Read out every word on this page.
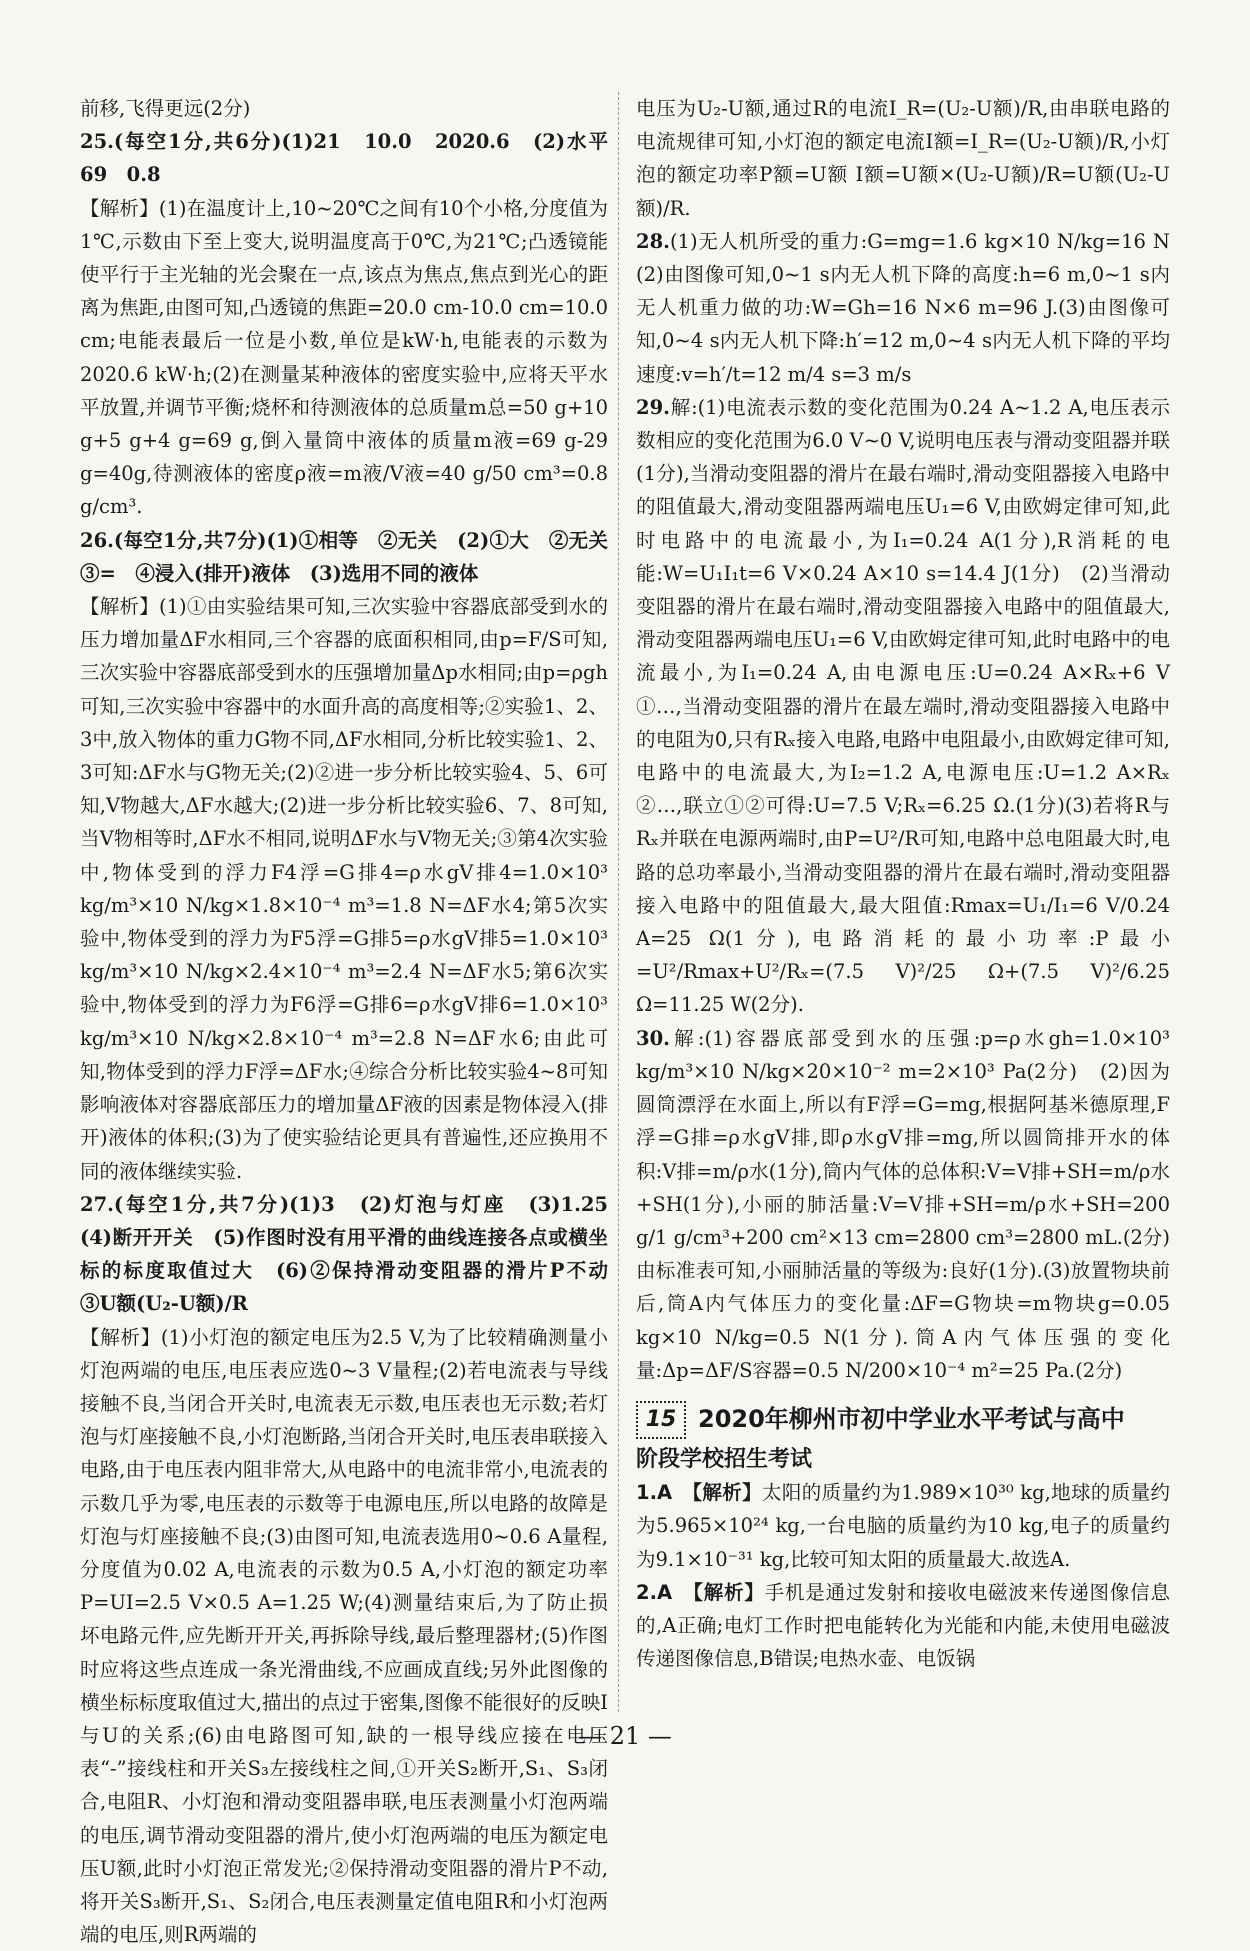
前移,飞得更远(2分)

25.(每空1分,共6分)(1)21　10.0　2020.6　(2)水平　69　0.8

【解析】(1)在温度计上,10~20℃之间有10个小格,分度值为1℃,示数由下至上变大,说明温度高于0℃,为21℃;凸透镜能使平行于主光轴的光会聚在一点,该点为焦点,焦点到光心的距离为焦距,由图可知,凸透镜的焦距=20.0 cm-10.0 cm=10.0 cm;电能表最后一位是小数,单位是kW·h,电能表的示数为2020.6 kW·h;(2)在测量某种液体的密度实验中,应将天平水平放置,并调节平衡;烧杯和待测液体的总质量m总=50 g+10 g+5 g+4 g=69 g,倒入量筒中液体的质量m液=69 g-29 g=40g,待测液体的密度ρ液=m液/V液=40 g/50 cm³=0.8 g/cm³.

26.(每空1分,共7分)(1)①相等　②无关　(2)①大　②无关　③=　④浸入(排开)液体　(3)选用不同的液体

【解析】(1)①由实验结果可知,三次实验中容器底部受到水的压力增加量ΔF水相同,三个容器的底面积相同,由p=F/S可知,三次实验中容器底部受到水的压强增加量Δp水相同;由p=ρgh可知,三次实验中容器中的水面升高的高度相等;②实验1、2、3中,放入物体的重力G物不同,ΔF水相同,分析比较实验1、2、3可知:ΔF水与G物无关;(2)②进一步分析比较实验4、5、6可知,V物越大,ΔF水越大;(2)进一步分析比较实验6、7、8可知,当V物相等时,ΔF水不相同,说明ΔF水与V物无关;③第4次实验中,物体受到的浮力F4浮=G排4=ρ水gV排4=1.0×10³ kg/m³×10 N/kg×1.8×10⁻⁴ m³=1.8 N=ΔF水4;第5次实验中,物体受到的浮力为F5浮=G排5=ρ水gV排5=1.0×10³ kg/m³×10 N/kg×2.4×10⁻⁴ m³=2.4 N=ΔF水5;第6次实验中,物体受到的浮力为F6浮=G排6=ρ水gV排6=1.0×10³ kg/m³×10 N/kg×2.8×10⁻⁴ m³=2.8 N=ΔF水6;由此可知,物体受到的浮力F浮=ΔF水;④综合分析比较实验4~8可知影响液体对容器底部压力的增加量ΔF液的因素是物体浸入(排开)液体的体积;(3)为了使实验结论更具有普遍性,还应换用不同的液体继续实验.

27.(每空1分,共7分)(1)3　(2)灯泡与灯座　(3)1.25　(4)断开开关　(5)作图时没有用平滑的曲线连接各点或横坐标的标度取值过大　(6)②保持滑动变阻器的滑片P不动　③U额(U₂-U额)/R

【解析】(1)小灯泡的额定电压为2.5 V,为了比较精确测量小灯泡两端的电压,电压表应选0~3 V量程;(2)若电流表与导线接触不良,当闭合开关时,电流表无示数,电压表也无示数;若灯泡与灯座接触不良,小灯泡断路,当闭合开关时,电压表串联接入电路,由于电压表内阻非常大,从电路中的电流非常小,电流表的示数几乎为零,电压表的示数等于电源电压,所以电路的故障是灯泡与灯座接触不良;(3)由图可知,电流表选用0~0.6 A量程,分度值为0.02 A,电流表的示数为0.5 A,小灯泡的额定功率P=UI=2.5 V×0.5 A=1.25 W;(4)测量结束后,为了防止损坏电路元件,应先断开开关,再拆除导线,最后整理器材;(5)作图时应将这些点连成一条光滑曲线,不应画成直线;另外此图像的横坐标标度取值过大,描出的点过于密集,图像不能很好的反映I与U的关系;(6)由电路图可知,缺的一根导线应接在电压表“-”接线柱和开关S₃左接线柱之间,①开关S₂断开,S₁、S₃闭合,电阻R、小灯泡和滑动变阻器串联,电压表测量小灯泡两端的电压,调节滑动变阻器的滑片,使小灯泡两端的电压为额定电压U额,此时小灯泡正常发光;②保持滑动变阻器的滑片P不动,将开关S₃断开,S₁、S₂闭合,电压表测量定值电阻R和小灯泡两端的电压,则R两端的

电压为U₂-U额,通过R的电流I_R=(U₂-U额)/R,由串联电路的电流规律可知,小灯泡的额定电流I额=I_R=(U₂-U额)/R,小灯泡的额定功率P额=U额 I额=U额×(U₂-U额)/R=U额(U₂-U额)/R.

28.(1)无人机所受的重力:G=mg=1.6 kg×10 N/kg=16 N　(2)由图像可知,0~1 s内无人机下降的高度:h=6 m,0~1 s内无人机重力做的功:W=Gh=16 N×6 m=96 J.(3)由图像可知,0~4 s内无人机下降:h′=12 m,0~4 s内无人机下降的平均速度:v=h′/t=12 m/4 s=3 m/s

29.解:(1)电流表示数的变化范围为0.24 A~1.2 A,电压表示数相应的变化范围为6.0 V~0 V,说明电压表与滑动变阻器并联(1分),当滑动变阻器的滑片在最右端时,滑动变阻器接入电路中的阻值最大,滑动变阻器两端电压U₁=6 V,由欧姆定律可知,此时电路中的电流最小,为I₁=0.24 A(1分),R消耗的电能:W=U₁I₁t=6 V×0.24 A×10 s=14.4 J(1分)　(2)当滑动变阻器的滑片在最右端时,滑动变阻器接入电路中的阻值最大,滑动变阻器两端电压U₁=6 V,由欧姆定律可知,此时电路中的电流最小,为I₁=0.24 A,由电源电压:U=0.24 A×Rₓ+6 V　①…,当滑动变阻器的滑片在最左端时,滑动变阻器接入电路中的电阻为0,只有Rₓ接入电路,电路中电阻最小,由欧姆定律可知,电路中的电流最大,为I₂=1.2 A,电源电压:U=1.2 A×Rₓ　②…,联立①②可得:U=7.5 V;Rₓ=6.25 Ω.(1分)(3)若将R与Rₓ并联在电源两端时,由P=U²/R可知,电路中总电阻最大时,电路的总功率最小,当滑动变阻器的滑片在最右端时,滑动变阻器接入电路中的阻值最大,最大阻值:Rmax=U₁/I₁=6 V/0.24 A=25 Ω(1分),电路消耗的最小功率:P最小=U²/Rmax+U²/Rₓ=(7.5 V)²/25 Ω+(7.5 V)²/6.25 Ω=11.25 W(2分).

30.解:(1)容器底部受到水的压强:p=ρ水gh=1.0×10³ kg/m³×10 N/kg×20×10⁻² m=2×10³ Pa(2分)　(2)因为圆筒漂浮在水面上,所以有F浮=G=mg,根据阿基米德原理,F浮=G排=ρ水gV排,即ρ水gV排=mg,所以圆筒排开水的体积:V排=m/ρ水(1分),筒内气体的总体积:V=V排+SH=m/ρ水+SH(1分),小丽的肺活量:V=V排+SH=m/ρ水+SH=200 g/1 g/cm³+200 cm²×13 cm=2800 cm³=2800 mL.(2分)　由标准表可知,小丽肺活量的等级为:良好(1分).(3)放置物块前后,筒A内气体压力的变化量:ΔF=G物块=m物块g=0.05 kg×10 N/kg=0.5 N(1分).筒A内气体压强的变化量:Δp=ΔF/S容器=0.5 N/200×10⁻⁴ m²=25 Pa.(2分)

15 2020年柳州市初中学业水平考试与高中

阶段学校招生考试

1.A　【解析】太阳的质量约为1.989×10³⁰ kg,地球的质量约为5.965×10²⁴ kg,一台电脑的质量约为10 kg,电子的质量约为9.1×10⁻³¹ kg,比较可知太阳的质量最大.故选A.

2.A　【解析】手机是通过发射和接收电磁波来传递图像信息的,A正确;电灯工作时把电能转化为光能和内能,未使用电磁波传递图像信息,B错误;电热水壶、电饭锅

— 21 —
